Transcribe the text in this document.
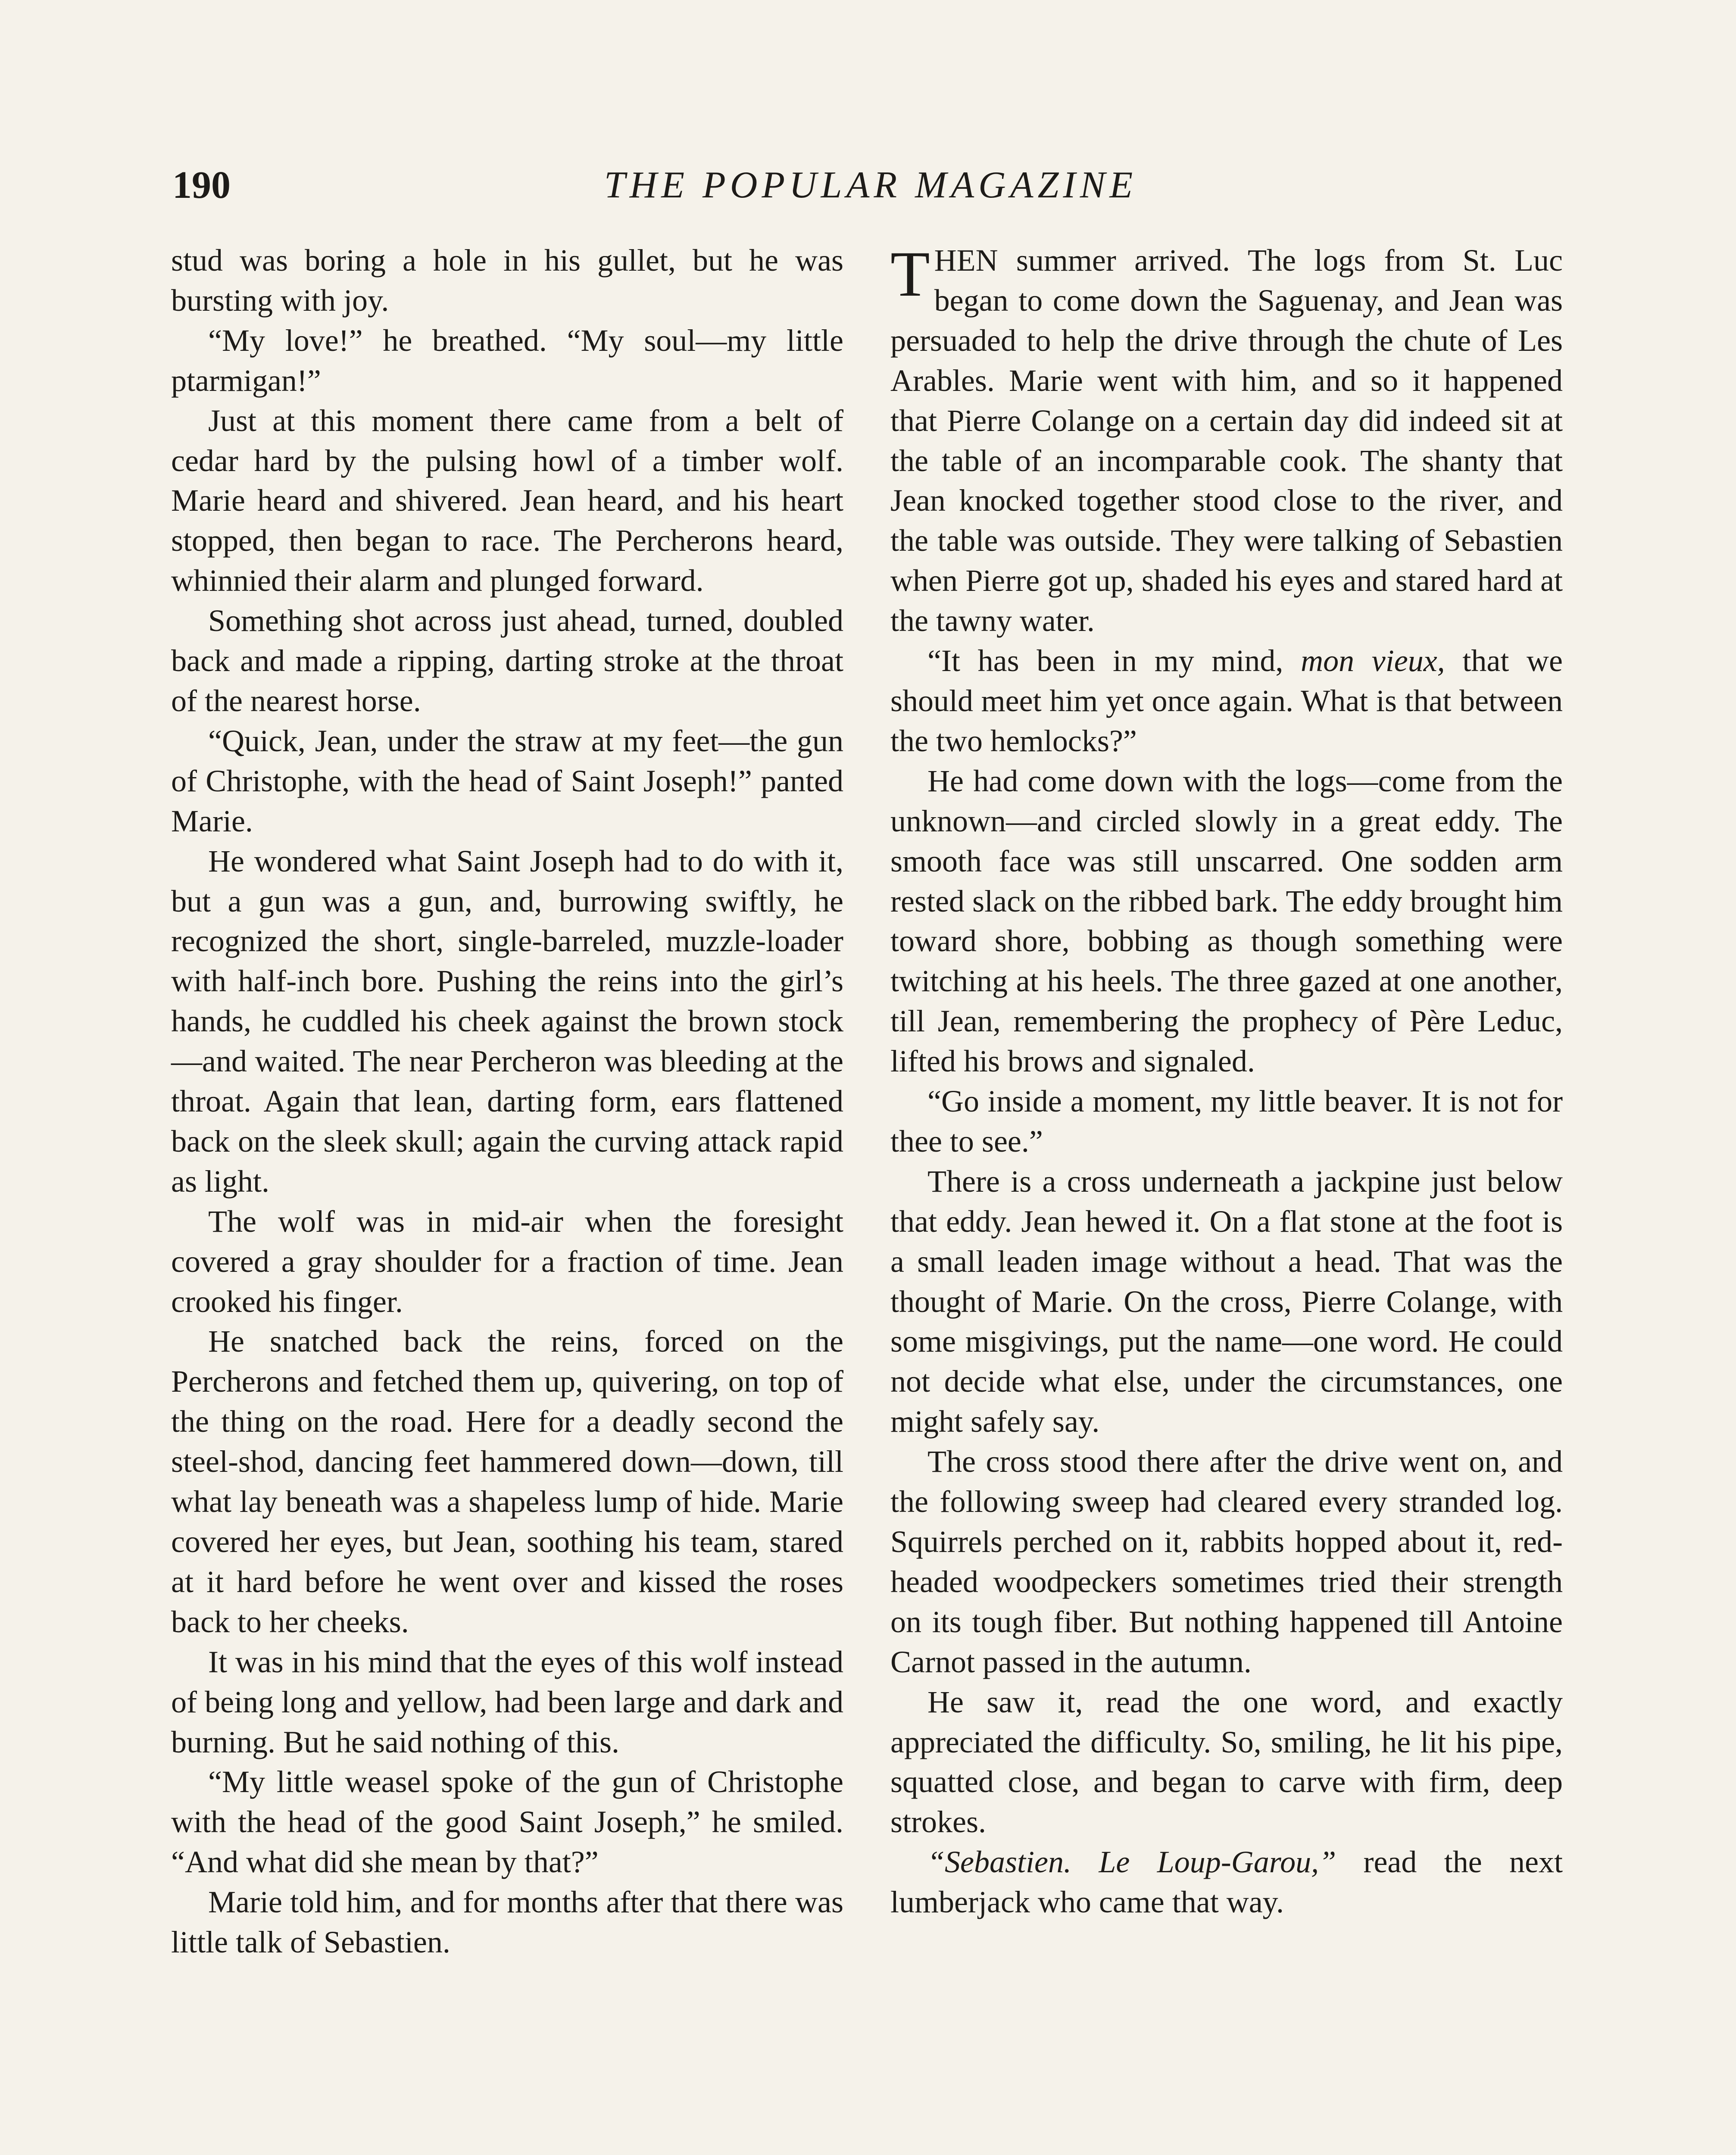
190	THE POPULAR MAGAZINE

stud was boring a hole in his gullet, but he was bursting with joy.

“My love!” he breathed. “My soul—my little ptarmigan!”

Just at this moment there came from a belt of cedar hard by the pulsing howl of a timber wolf. Marie heard and shivered. Jean heard, and his heart stopped, then began to race. The Percherons heard, whinnied their alarm and plunged forward.

Something shot across just ahead, turned, doubled back and made a ripping, darting stroke at the throat of the nearest horse.

“Quick, Jean, under the straw at my feet—the gun of Christophe, with the head of Saint Joseph!” panted Marie.

He wondered what Saint Joseph had to do with it, but a gun was a gun, and, burrowing swiftly, he recognized the short, single-barreled, muzzle-loader with half-inch bore. Pushing the reins into the girl’s hands, he cuddled his cheek against the brown stock—and waited. The near Percheron was bleeding at the throat. Again that lean, darting form, ears flattened back on the sleek skull; again the curving attack rapid as light.

The wolf was in mid-air when the foresight covered a gray shoulder for a fraction of time. Jean crooked his finger.

He snatched back the reins, forced on the Percherons and fetched them up, quivering, on top of the thing on the road. Here for a deadly second the steel-shod, dancing feet hammered down—down, till what lay beneath was a shapeless lump of hide. Marie covered her eyes, but Jean, soothing his team, stared at it hard before he went over and kissed the roses back to her cheeks.

It was in his mind that the eyes of this wolf instead of being long and yellow, had been large and dark and burning. But he said nothing of this.

“My little weasel spoke of the gun of Christophe with the head of the good Saint Joseph,” he smiled. “And what did she mean by that?”

Marie told him, and for months after that there was little talk of Sebastien.

THEN summer arrived. The logs from St. Luc began to come down the Saguenay, and Jean was persuaded to help the drive through the chute of Les Arables. Marie went with him, and so it happened that Pierre Colange on a certain day did indeed sit at the table of an incomparable cook. The shanty that Jean knocked together stood close to the river, and the table was outside. They were talking of Sebastien when Pierre got up, shaded his eyes and stared hard at the tawny water.

“It has been in my mind, mon vieux, that we should meet him yet once again. What is that between the two hemlocks?”

He had come down with the logs—come from the unknown—and circled slowly in a great eddy. The smooth face was still unscarred. One sodden arm rested slack on the ribbed bark. The eddy brought him toward shore, bobbing as though something were twitching at his heels. The three gazed at one another, till Jean, remembering the prophecy of Père Leduc, lifted his brows and signaled.

“Go inside a moment, my little beaver. It is not for thee to see.”

There is a cross underneath a jackpine just below that eddy. Jean hewed it. On a flat stone at the foot is a small leaden image without a head. That was the thought of Marie. On the cross, Pierre Colange, with some misgivings, put the name—one word. He could not decide what else, under the circumstances, one might safely say.

The cross stood there after the drive went on, and the following sweep had cleared every stranded log. Squirrels perched on it, rabbits hopped about it, red-headed woodpeckers sometimes tried their strength on its tough fiber. But nothing happened till Antoine Carnot passed in the autumn.

He saw it, read the one word, and exactly appreciated the difficulty. So, smiling, he lit his pipe, squatted close, and began to carve with firm, deep strokes.

“Sebastien. Le Loup-Garou,” read the next lumberjack who came that way.
